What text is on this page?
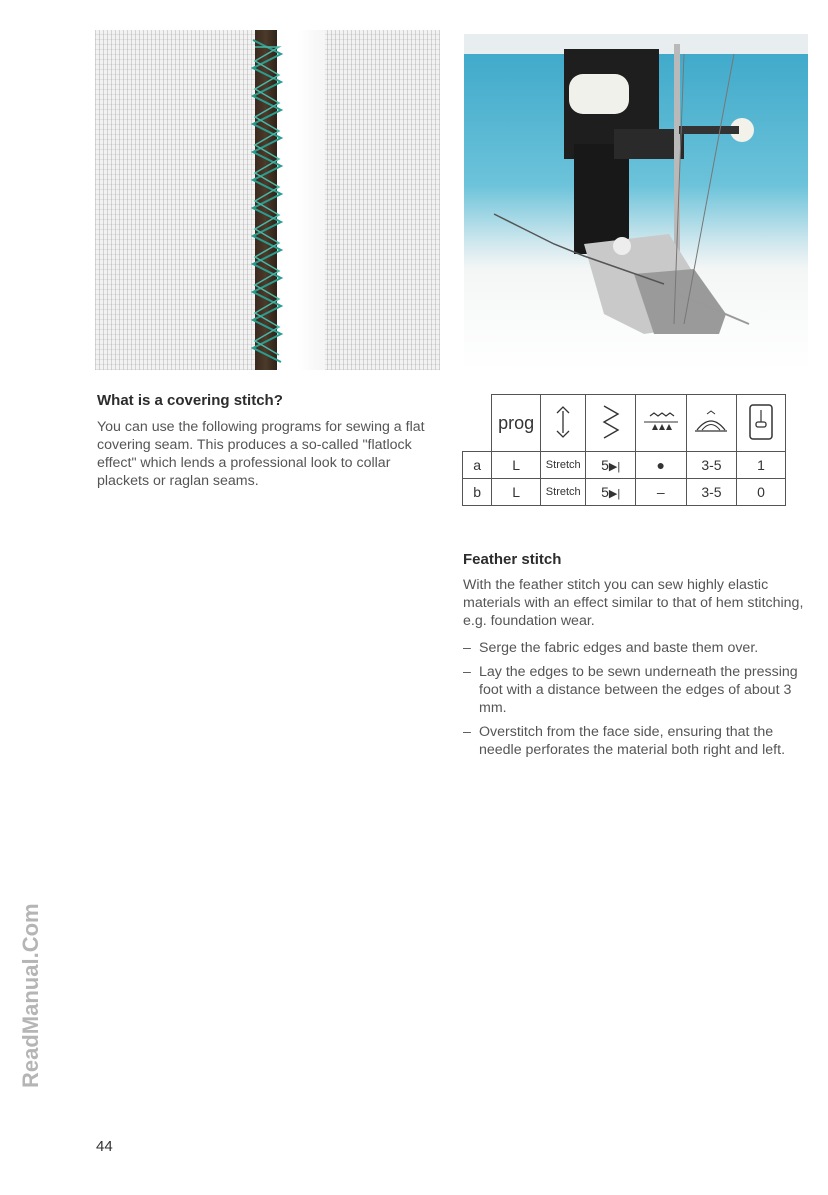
What is a covering stitch?
You can use the following programs for sewing a flat covering seam. This produces a so-called "flatlock effect" which lends a professional look to collar plackets or raglan seams.
	prog					
a	L	Stretch	5▶|	●	3-5	1
b	L	Stretch	5▶|	–	3-5	0
Feather stitch
With the feather stitch you can sew highly elastic materials with an effect similar to that of hem stitching, e.g. foundation wear.
– Serge the fabric edges and baste them over.
– Lay the edges to be sewn underneath the pressing foot with a distance between the edges of about 3 mm.
– Overstitch from the face side, ensuring that the needle perforates the material both right and left.
ReadManual.Com
44
